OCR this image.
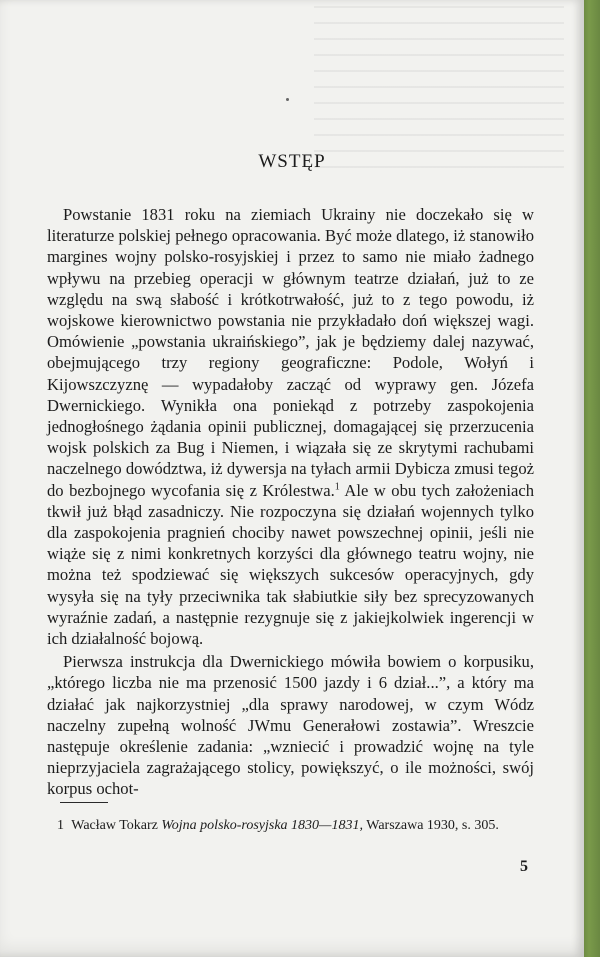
WSTĘP

Powstanie 1831 roku na ziemiach Ukrainy nie doczekało się w literaturze polskiej pełnego opracowania. Być może dlatego, iż stanowiło margines wojny polsko-rosyjskiej i przez to samo nie miało żadnego wpływu na przebieg operacji w głównym teatrze działań, już to ze względu na swą słabość i krótkotrwałość, już to z tego powodu, iż wojskowe kierownictwo powstania nie przykładało doń większej wagi. Omówienie „powstania ukraińskiego”, jak je będziemy dalej nazywać, obejmującego trzy regiony geograficzne: Podole, Wołyń i Kijowszczyznę — wypadałoby zacząć od wyprawy gen. Józefa Dwernickiego. Wynikła ona poniekąd z potrzeby zaspokojenia jednogłośnego żądania opinii publicznej, domagającej się przerzucenia wojsk polskich za Bug i Niemen, i wiązała się ze skrytymi rachubami naczelnego dowództwa, iż dywersja na tyłach armii Dybicza zmusi tegoż do bezbojnego wycofania się z Królestwa.$^1$ Ale w obu tych założeniach tkwił już błąd zasadniczy. Nie rozpoczyna się działań wojennych tylko dla zaspokojenia pragnień chociby nawet powszechnej opinii, jeśli nie wiąże się z nimi konkretnych korzyści dla głównego teatru wojny, nie można też spodziewać się większych sukcesów operacyjnych, gdy wysyła się na tyły przeciwnika tak słabiutkie siły bez sprecyzowanych wyraźnie zadań, a następnie rezygnuje się z jakiejkolwiek ingerencji w ich działalność bojową.

Pierwsza instrukcja dla Dwernickiego mówiła bowiem o korpusiku, „którego liczba nie ma przenosić 1500 jazdy i 6 dział...”, a który ma działać jak najkorzystniej „dla sprawy narodowej, w czym Wódz naczelny zupełną wolność JWmu Generałowi zostawia”. Wreszcie następuje określenie zadania: „wzniecić i prowadzić wojnę na tyle nieprzyjaciela zagrażającego stolicy, powiększyć, o ile możności, swój korpus ochot-

1 Wacław Tokarz Wojna polsko-rosyjska 1830—1831, Warszawa 1930, s. 305.
5
